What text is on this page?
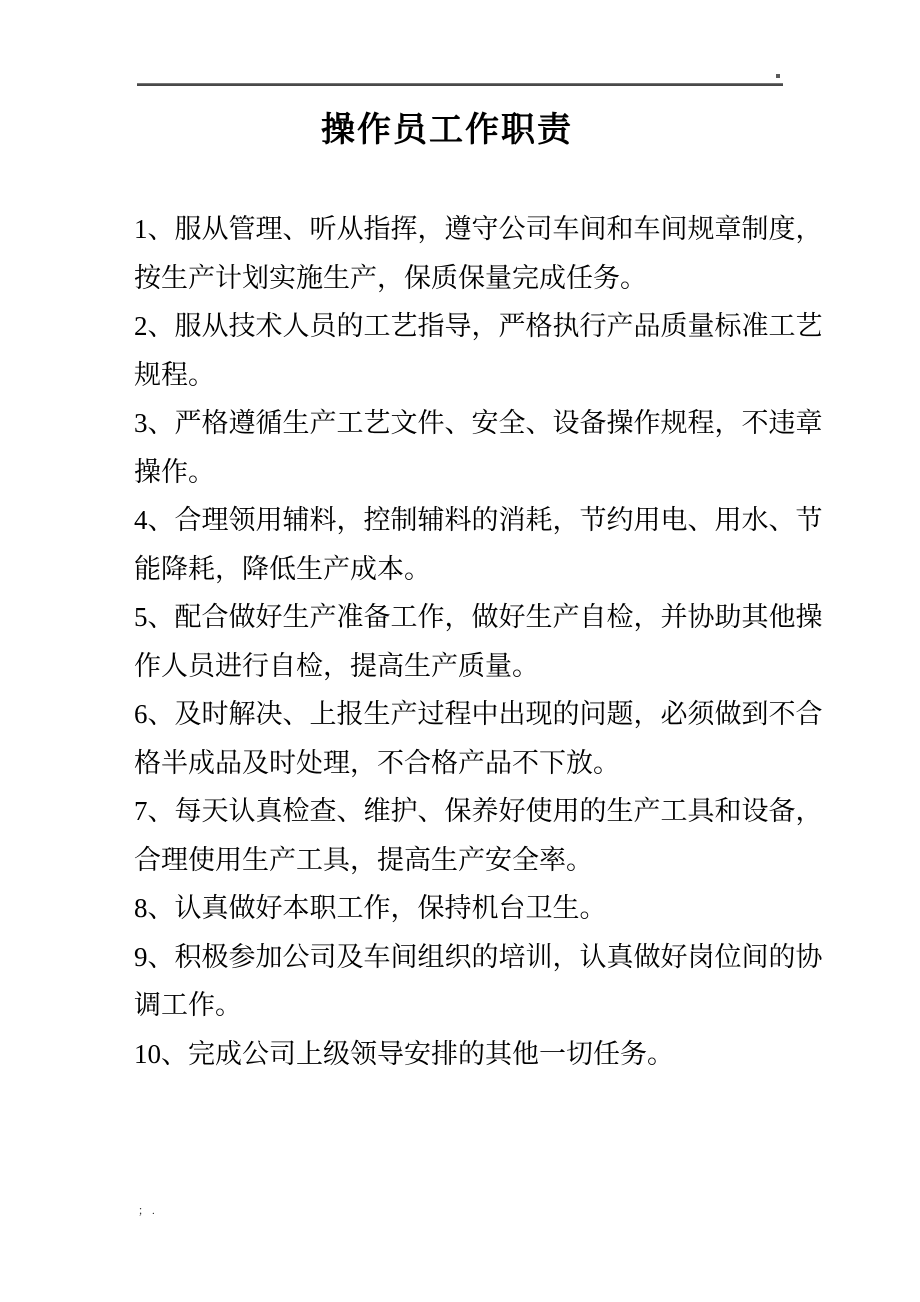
操作员工作职责

1、服从管理、听从指挥，遵守公司车间和车间规章制度，按生产计划实施生产，保质保量完成任务。

2、服从技术人员的工艺指导，严格执行产品质量标准工艺规程。

3、严格遵循生产工艺文件、安全、设备操作规程，不违章操作。

4、合理领用辅料，控制辅料的消耗，节约用电、用水、节能降耗，降低生产成本。

5、配合做好生产准备工作，做好生产自检，并协助其他操作人员进行自检，提高生产质量。

6、及时解决、上报生产过程中出现的问题，必须做到不合格半成品及时处理，不合格产品不下放。

7、每天认真检查、维护、保养好使用的生产工具和设备，合理使用生产工具，提高生产安全率。

8、认真做好本职工作，保持机台卫生。

9、积极参加公司及车间组织的培训，认真做好岗位间的协调工作。

10、完成公司上级领导安排的其他一切任务。

；.
